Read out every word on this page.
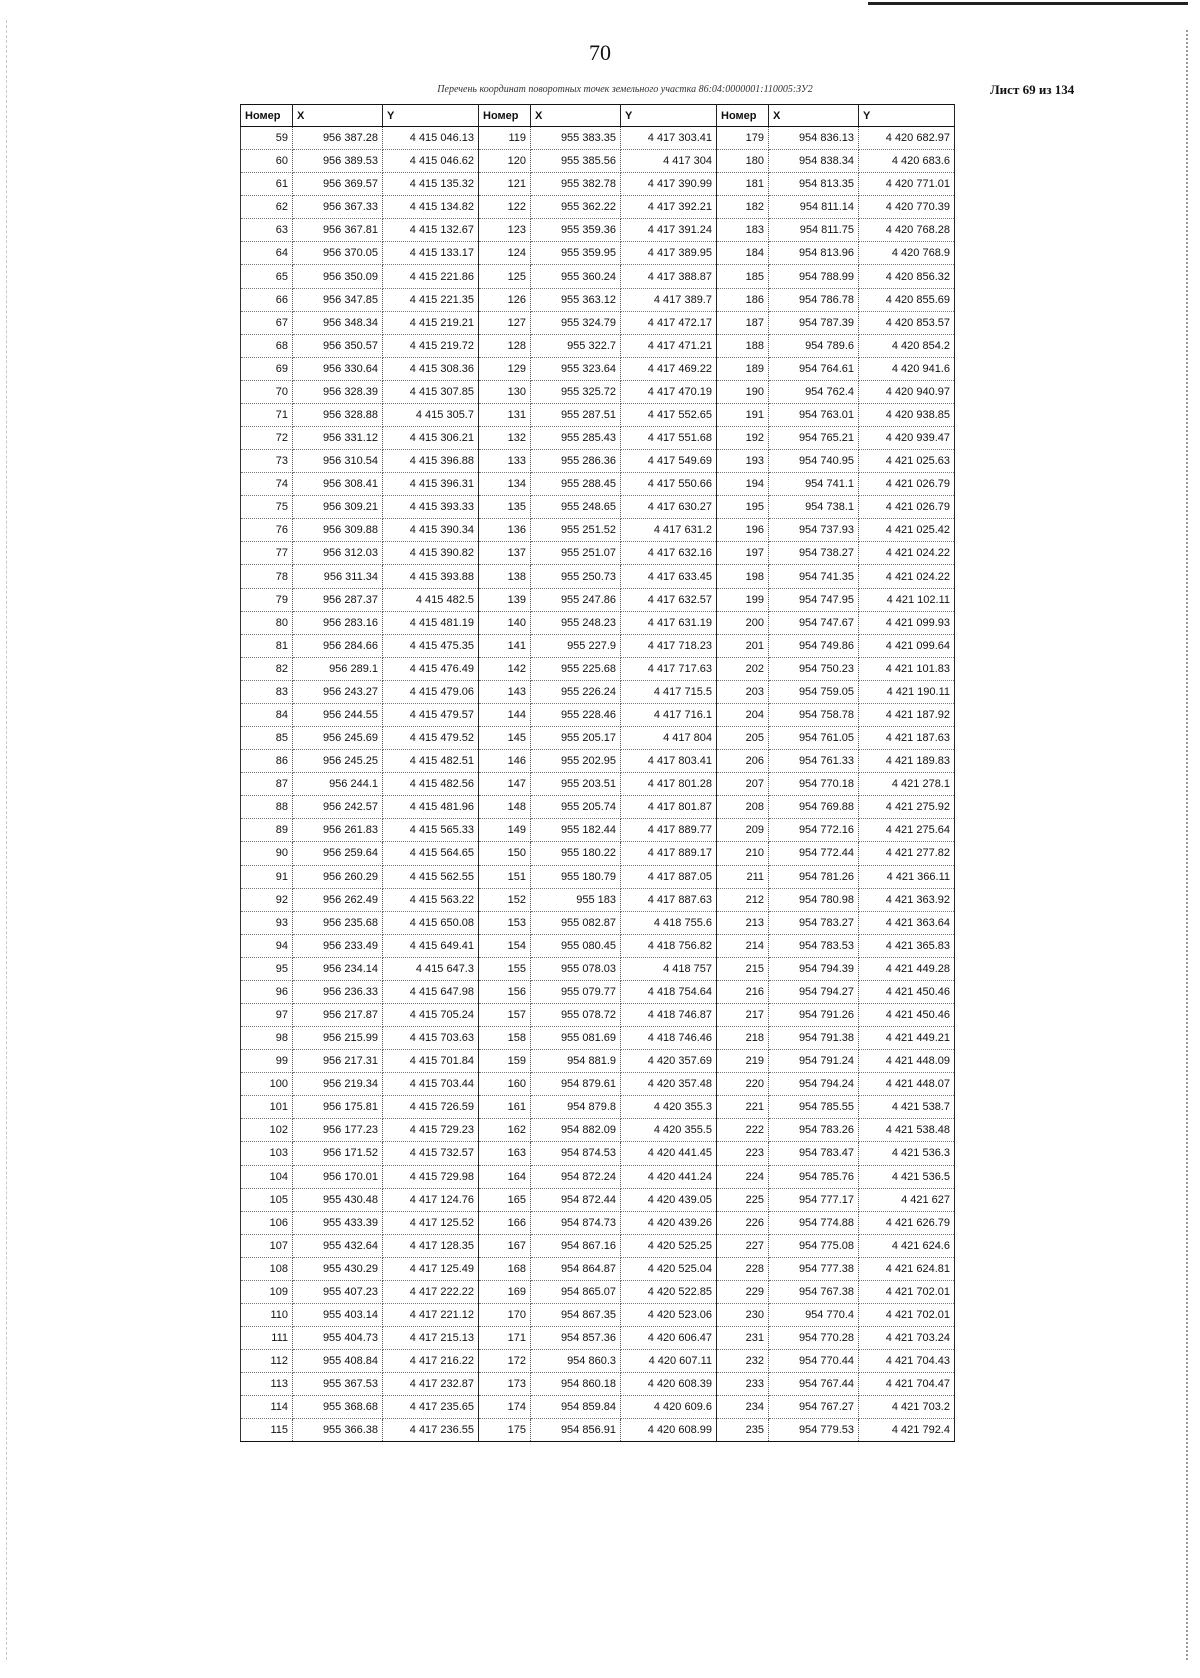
70
Перечень координат поворотных точек земельного участка 86:04:0000001:110005:ЗУ2	Лист 69 из 134
Номер	X	Y	Номер	X	Y	Номер	X	Y
59	956 387.28	4 415 046.13	119	955 383.35	4 417 303.41	179	954 836.13	4 420 682.97
60	956 389.53	4 415 046.62	120	955 385.56	4 417 304	180	954 838.34	4 420 683.6
61	956 369.57	4 415 135.32	121	955 382.78	4 417 390.99	181	954 813.35	4 420 771.01
62	956 367.33	4 415 134.82	122	955 362.22	4 417 392.21	182	954 811.14	4 420 770.39
63	956 367.81	4 415 132.67	123	955 359.36	4 417 391.24	183	954 811.75	4 420 768.28
64	956 370.05	4 415 133.17	124	955 359.95	4 417 389.95	184	954 813.96	4 420 768.9
65	956 350.09	4 415 221.86	125	955 360.24	4 417 388.87	185	954 788.99	4 420 856.32
66	956 347.85	4 415 221.35	126	955 363.12	4 417 389.7	186	954 786.78	4 420 855.69
67	956 348.34	4 415 219.21	127	955 324.79	4 417 472.17	187	954 787.39	4 420 853.57
68	956 350.57	4 415 219.72	128	955 322.7	4 417 471.21	188	954 789.6	4 420 854.2
69	956 330.64	4 415 308.36	129	955 323.64	4 417 469.22	189	954 764.61	4 420 941.6
70	956 328.39	4 415 307.85	130	955 325.72	4 417 470.19	190	954 762.4	4 420 940.97
71	956 328.88	4 415 305.7	131	955 287.51	4 417 552.65	191	954 763.01	4 420 938.85
72	956 331.12	4 415 306.21	132	955 285.43	4 417 551.68	192	954 765.21	4 420 939.47
73	956 310.54	4 415 396.88	133	955 286.36	4 417 549.69	193	954 740.95	4 421 025.63
74	956 308.41	4 415 396.31	134	955 288.45	4 417 550.66	194	954 741.1	4 421 026.79
75	956 309.21	4 415 393.33	135	955 248.65	4 417 630.27	195	954 738.1	4 421 026.79
76	956 309.88	4 415 390.34	136	955 251.52	4 417 631.2	196	954 737.93	4 421 025.42
77	956 312.03	4 415 390.82	137	955 251.07	4 417 632.16	197	954 738.27	4 421 024.22
78	956 311.34	4 415 393.88	138	955 250.73	4 417 633.45	198	954 741.35	4 421 024.22
79	956 287.37	4 415 482.5	139	955 247.86	4 417 632.57	199	954 747.95	4 421 102.11
80	956 283.16	4 415 481.19	140	955 248.23	4 417 631.19	200	954 747.67	4 421 099.93
81	956 284.66	4 415 475.35	141	955 227.9	4 417 718.23	201	954 749.86	4 421 099.64
82	956 289.1	4 415 476.49	142	955 225.68	4 417 717.63	202	954 750.23	4 421 101.83
83	956 243.27	4 415 479.06	143	955 226.24	4 417 715.5	203	954 759.05	4 421 190.11
84	956 244.55	4 415 479.57	144	955 228.46	4 417 716.1	204	954 758.78	4 421 187.92
85	956 245.69	4 415 479.52	145	955 205.17	4 417 804	205	954 761.05	4 421 187.63
86	956 245.25	4 415 482.51	146	955 202.95	4 417 803.41	206	954 761.33	4 421 189.83
87	956 244.1	4 415 482.56	147	955 203.51	4 417 801.28	207	954 770.18	4 421 278.1
88	956 242.57	4 415 481.96	148	955 205.74	4 417 801.87	208	954 769.88	4 421 275.92
89	956 261.83	4 415 565.33	149	955 182.44	4 417 889.77	209	954 772.16	4 421 275.64
90	956 259.64	4 415 564.65	150	955 180.22	4 417 889.17	210	954 772.44	4 421 277.82
91	956 260.29	4 415 562.55	151	955 180.79	4 417 887.05	211	954 781.26	4 421 366.11
92	956 262.49	4 415 563.22	152	955 183	4 417 887.63	212	954 780.98	4 421 363.92
93	956 235.68	4 415 650.08	153	955 082.87	4 418 755.6	213	954 783.27	4 421 363.64
94	956 233.49	4 415 649.41	154	955 080.45	4 418 756.82	214	954 783.53	4 421 365.83
95	956 234.14	4 415 647.3	155	955 078.03	4 418 757	215	954 794.39	4 421 449.28
96	956 236.33	4 415 647.98	156	955 079.77	4 418 754.64	216	954 794.27	4 421 450.46
97	956 217.87	4 415 705.24	157	955 078.72	4 418 746.87	217	954 791.26	4 421 450.46
98	956 215.99	4 415 703.63	158	955 081.69	4 418 746.46	218	954 791.38	4 421 449.21
99	956 217.31	4 415 701.84	159	954 881.9	4 420 357.69	219	954 791.24	4 421 448.09
100	956 219.34	4 415 703.44	160	954 879.61	4 420 357.48	220	954 794.24	4 421 448.07
101	956 175.81	4 415 726.59	161	954 879.8	4 420 355.3	221	954 785.55	4 421 538.7
102	956 177.23	4 415 729.23	162	954 882.09	4 420 355.5	222	954 783.26	4 421 538.48
103	956 171.52	4 415 732.57	163	954 874.53	4 420 441.45	223	954 783.47	4 421 536.3
104	956 170.01	4 415 729.98	164	954 872.24	4 420 441.24	224	954 785.76	4 421 536.5
105	955 430.48	4 417 124.76	165	954 872.44	4 420 439.05	225	954 777.17	4 421 627
106	955 433.39	4 417 125.52	166	954 874.73	4 420 439.26	226	954 774.88	4 421 626.79
107	955 432.64	4 417 128.35	167	954 867.16	4 420 525.25	227	954 775.08	4 421 624.6
108	955 430.29	4 417 125.49	168	954 864.87	4 420 525.04	228	954 777.38	4 421 624.81
109	955 407.23	4 417 222.22	169	954 865.07	4 420 522.85	229	954 767.38	4 421 702.01
110	955 403.14	4 417 221.12	170	954 867.35	4 420 523.06	230	954 770.4	4 421 702.01
111	955 404.73	4 417 215.13	171	954 857.36	4 420 606.47	231	954 770.28	4 421 703.24
112	955 408.84	4 417 216.22	172	954 860.3	4 420 607.11	232	954 770.44	4 421 704.43
113	955 367.53	4 417 232.87	173	954 860.18	4 420 608.39	233	954 767.44	4 421 704.47
114	955 368.68	4 417 235.65	174	954 859.84	4 420 609.6	234	954 767.27	4 421 703.2
115	955 366.38	4 417 236.55	175	954 856.91	4 420 608.99	235	954 779.53	4 421 792.4
